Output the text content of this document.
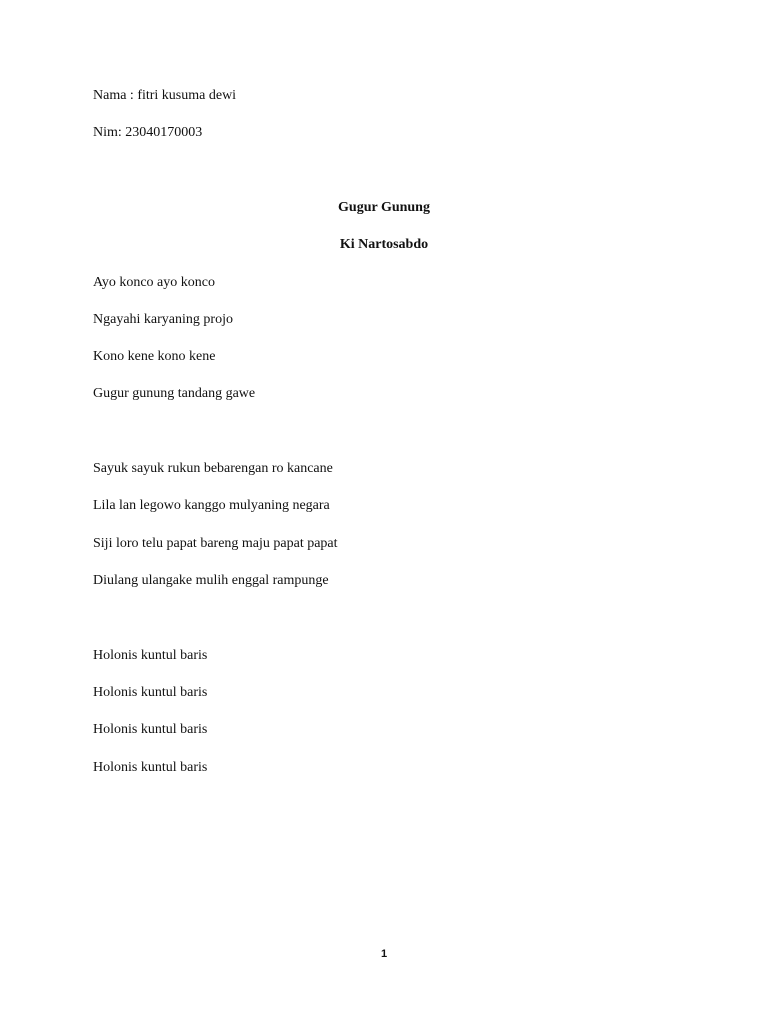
Nama : fitri kusuma dewi
Nim: 23040170003
Gugur Gunung
Ki Nartosabdo
Ayo konco ayo konco
Ngayahi karyaning projo
Kono kene kono kene
Gugur gunung tandang gawe
Sayuk sayuk rukun bebarengan ro kancane
Lila lan legowo kanggo mulyaning negara
Siji loro telu papat bareng maju papat papat
Diulang ulangake mulih enggal rampunge
Holonis kuntul baris
Holonis kuntul baris
Holonis kuntul baris
Holonis kuntul baris
1
